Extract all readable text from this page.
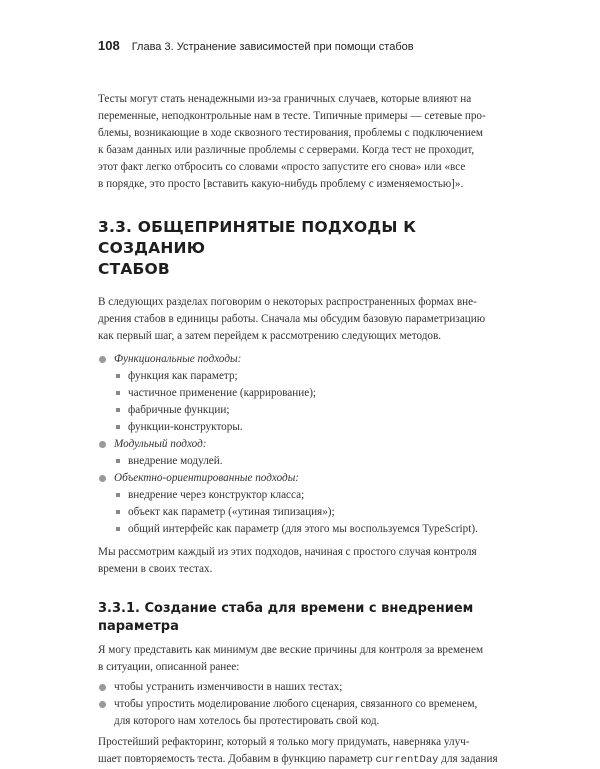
108 Глава 3. Устранение зависимостей при помощи стабов
Тесты могут стать ненадежными из-за граничных случаев, которые влияют на
переменные, неподконтрольные нам в тесте. Типичные примеры — сетевые про-
блемы, возникающие в ходе сквозного тестирования, проблемы с подключением
к базам данных или различные проблемы с серверами. Когда тест не проходит,
этот факт легко отбросить со словами «просто запустите его снова» или «все
в порядке, это просто [вставить какую-нибудь проблему с изменяемостью]».
3.3. ОБЩЕПРИНЯТЫЕ ПОДХОДЫ К СОЗДАНИЮ
СТАБОВ
В следующих разделах поговорим о некоторых распространенных формах вне-
дрения стабов в единицы работы. Сначала мы обсудим базовую параметризацию
как первый шаг, а затем перейдем к рассмотрению следующих методов.
Функциональные подходы:
функция как параметр;
частичное применение (каррирование);
фабричные функции;
функции-конструкторы.
Модульный подход:
внедрение модулей.
Объектно-ориентированные подходы:
внедрение через конструктор класса;
объект как параметр («утиная типизация»);
общий интерфейс как параметр (для этого мы воспользуемся TypeScript).
Мы рассмотрим каждый из этих подходов, начиная с простого случая контроля
времени в своих тестах.
3.3.1. Создание стаба для времени с внедрением
параметра
Я могу представить как минимум две веские причины для контроля за временем
в ситуации, описанной ранее:
чтобы устранить изменчивости в наших тестах;
чтобы упростить моделирование любого сценария, связанного со временем,
для которого нам хотелось бы протестировать свой код.
Простейший рефакторинг, который я только могу придумать, наверняка улуч-
шает повторяемость теста. Добавим в функцию параметр currentDay для задания
